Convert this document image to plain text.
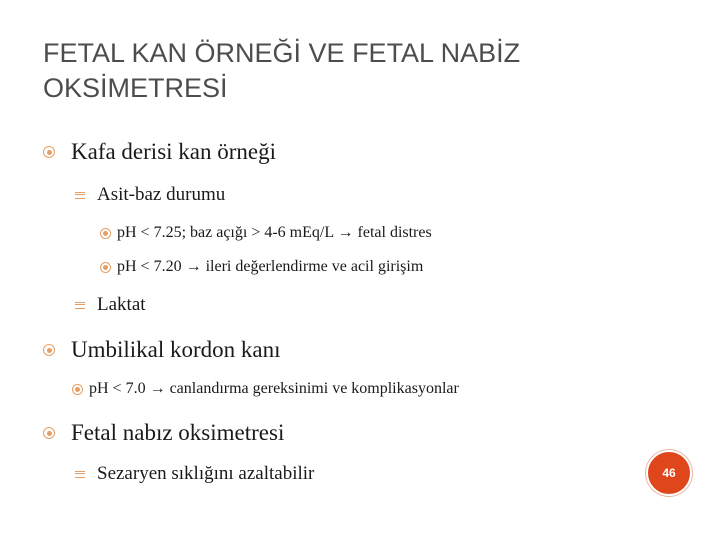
FETAL KAN ÖRNEĞİ VE FETAL NABİZ
OKSİMETRESİ
Kafa derisi kan örneği
Asit-baz durumu
pH < 7.25; baz açığı > 4-6 mEq/L → fetal distres
pH < 7.20 → ileri değerlendirme ve acil girişim
Laktat
Umbilikal kordon kanı
pH < 7.0 → canlandırma gereksinimi ve komplikasyonlar
Fetal nabız oksimetresi
Sezaryen sıklığını azaltabilir	46
